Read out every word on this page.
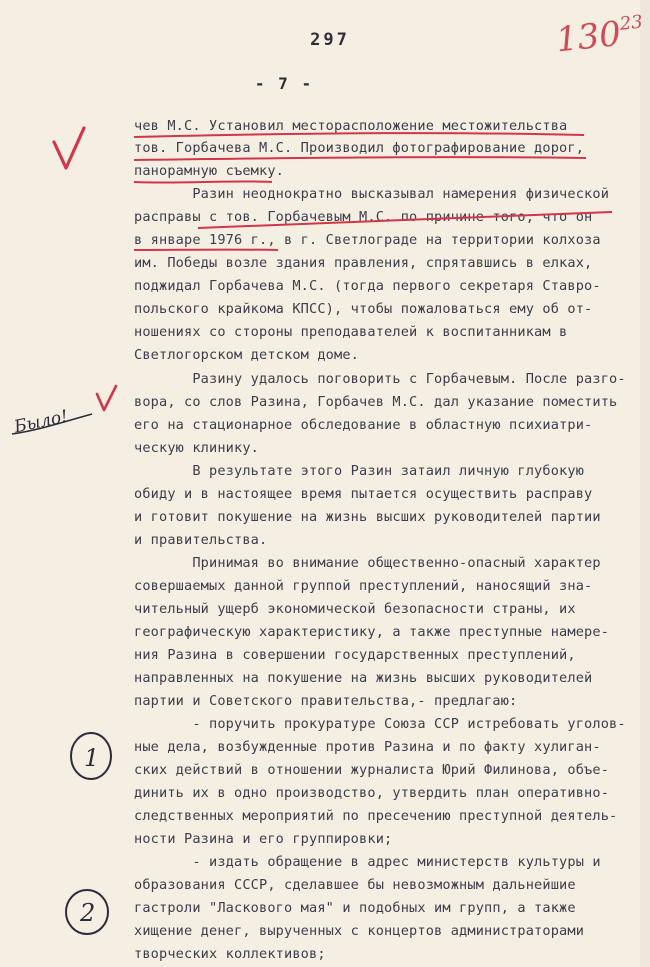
297
- 7 -
$130^{23}$
чев М.С. Установил месторасположение местожительства
тов. Горбачева М.С. Производил фотографирование дорог,
панорамную съемку.
Разин неоднократно высказывал намерения физической
расправы с тов. Горбачевым М.С. по причине того, что он
в январе 1976 г., в г. Светлограде на территории колхоза
им. Победы возле здания правления, спрятавшись в елках,
поджидал Горбачева М.С. (тогда первого секретаря Ставро-
польского крайкома КПСС), чтобы пожаловаться ему об от-
ношениях со стороны преподавателей к воспитанникам в
Светлогорском детском доме.
Разину удалось поговорить с Горбачевым. После разго-
вора, со слов Разина, Горбачев М.С. дал указание поместить
его на стационарное обследование в областную психиатри-
ческую клинику.
В результате этого Разин затаил личную глубокую
обиду и в настоящее время пытается осуществить расправу
и готовит покушение на жизнь высших руководителей партии
и правительства.
Принимая во внимание общественно-опасный характер
совершаемых данной группой преступлений, наносящий зна-
чительный ущерб экономической безопасности страны, их
географическую характеристику, а также преступные намере-
ния Разина в совершении государственных преступлений,
направленных на покушение на жизнь высших руководителей
партии и Советского правительства,- предлагаю:
- поручить прокуратуре Союза ССР истребовать уголов-
ные дела, возбужденные против Разина и по факту хулиган-
ских действий в отношении журналиста Юрий Филинова, объе-
динить их в одно производство, утвердить план оперативно-
следственных мероприятий по пресечению преступной деятель-
ности Разина и его группировки;
- издать обращение в адрес министерств культуры и
образования СССР, сделавшее бы невозможным дальнейшие
гастроли "Ласкового мая" и подобных им групп, а также
хищение денег, вырученных с концертов администраторами
творческих коллективов;
1
2
Было!
